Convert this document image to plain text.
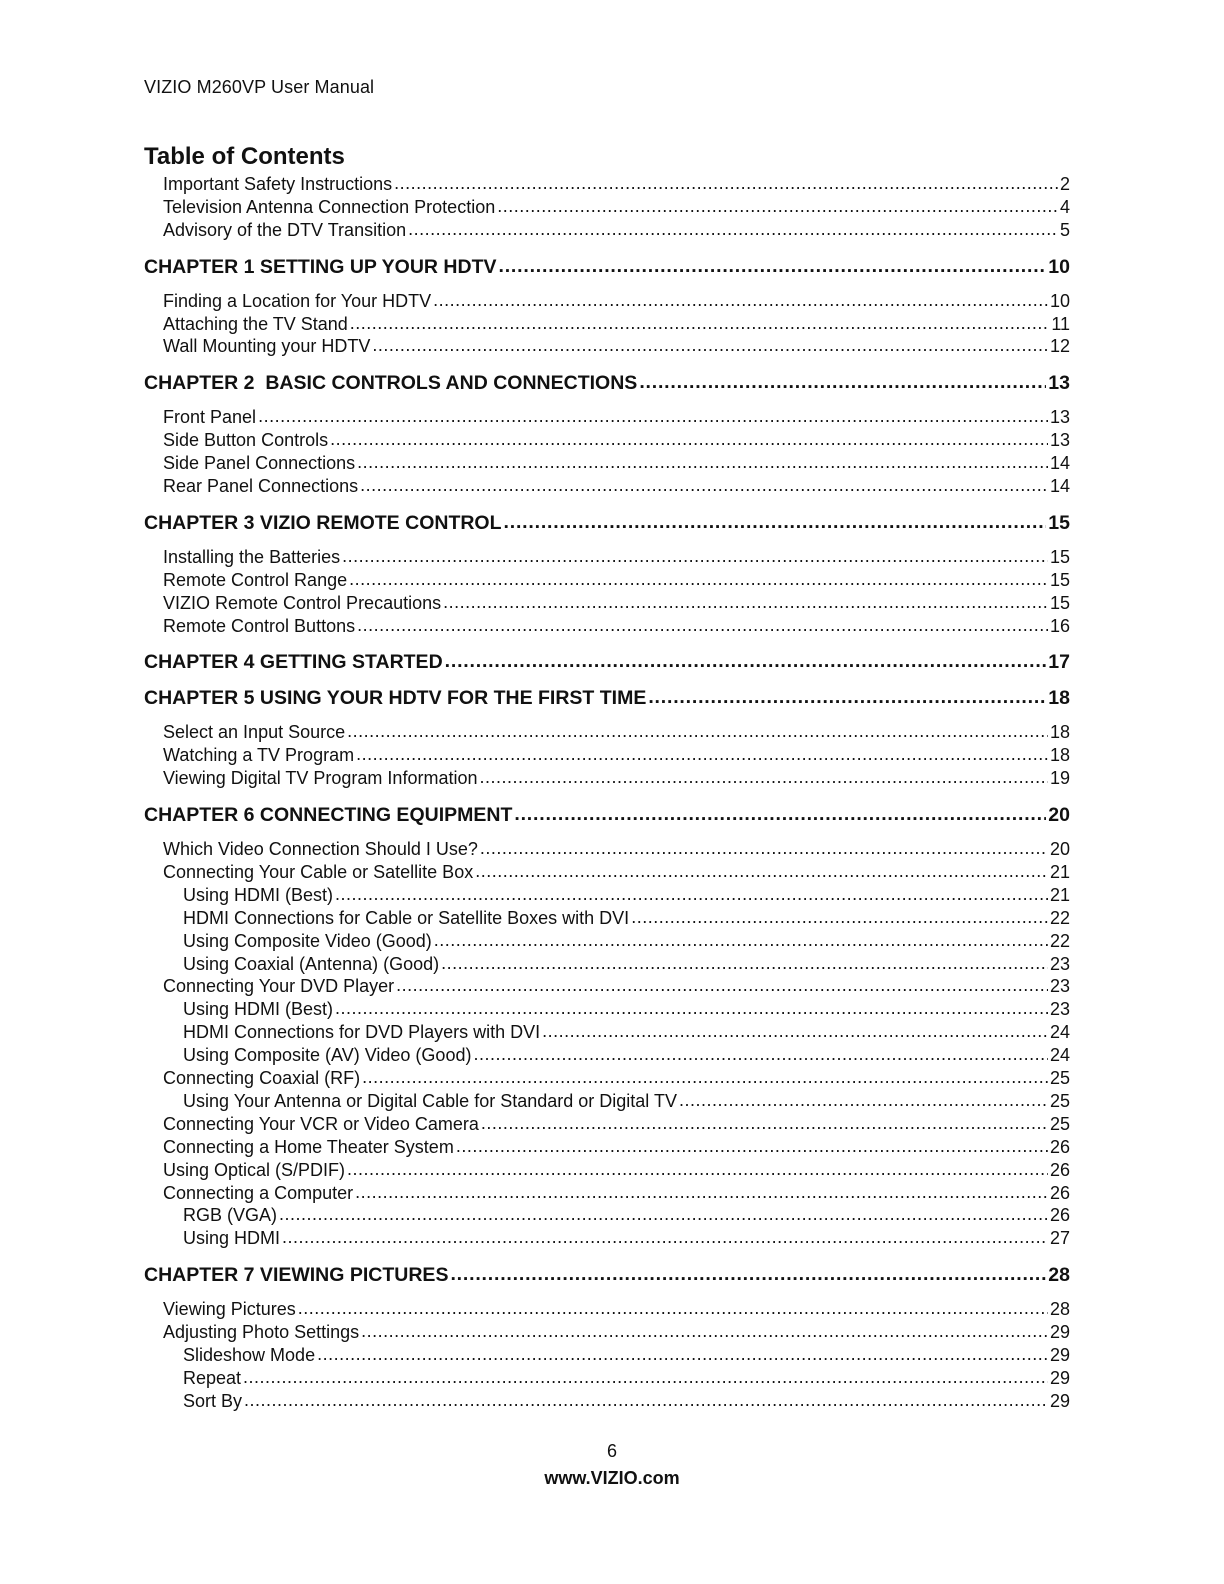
VIZIO M260VP User Manual
Table of Contents
Important Safety Instructions .....	2
Television Antenna Connection Protection .....	4
Advisory of the DTV Transition .....	5
CHAPTER 1 SETTING UP YOUR HDTV .....	10
Finding a Location for Your HDTV .....	10
Attaching the TV Stand .....	11
Wall Mounting your HDTV .....	12
CHAPTER 2  BASIC CONTROLS AND CONNECTIONS .....	13
Front Panel .....	13
Side Button Controls .....	13
Side Panel Connections .....	14
Rear Panel Connections .....	14
CHAPTER 3 VIZIO REMOTE CONTROL .....	15
Installing the Batteries .....	15
Remote Control Range .....	15
VIZIO Remote Control Precautions .....	15
Remote Control Buttons .....	16
CHAPTER 4 GETTING STARTED .....	17
CHAPTER 5 USING YOUR HDTV FOR THE FIRST TIME .....	18
Select an Input Source .....	18
Watching a TV Program .....	18
Viewing Digital TV Program Information .....	19
CHAPTER 6 CONNECTING EQUIPMENT .....	20
Which Video Connection Should I Use? .....	20
Connecting Your Cable or Satellite Box .....	21
Using HDMI (Best) .....	21
HDMI Connections for Cable or Satellite Boxes with DVI .....	22
Using Composite Video (Good) .....	22
Using Coaxial (Antenna) (Good) .....	23
Connecting Your DVD Player .....	23
Using HDMI (Best) .....	23
HDMI Connections for DVD Players with DVI .....	24
Using Composite (AV) Video (Good) .....	24
Connecting Coaxial (RF) .....	25
Using Your Antenna or Digital Cable for Standard or Digital TV .....	25
Connecting Your VCR or Video Camera .....	25
Connecting a Home Theater System .....	26
Using Optical (S/PDIF) .....	26
Connecting a Computer .....	26
RGB (VGA) .....	26
Using HDMI .....	27
CHAPTER 7 VIEWING PICTURES .....	28
Viewing Pictures .....	28
Adjusting Photo Settings .....	29
Slideshow Mode .....	29
Repeat .....	29
Sort By .....	29
6
www.VIZIO.com
